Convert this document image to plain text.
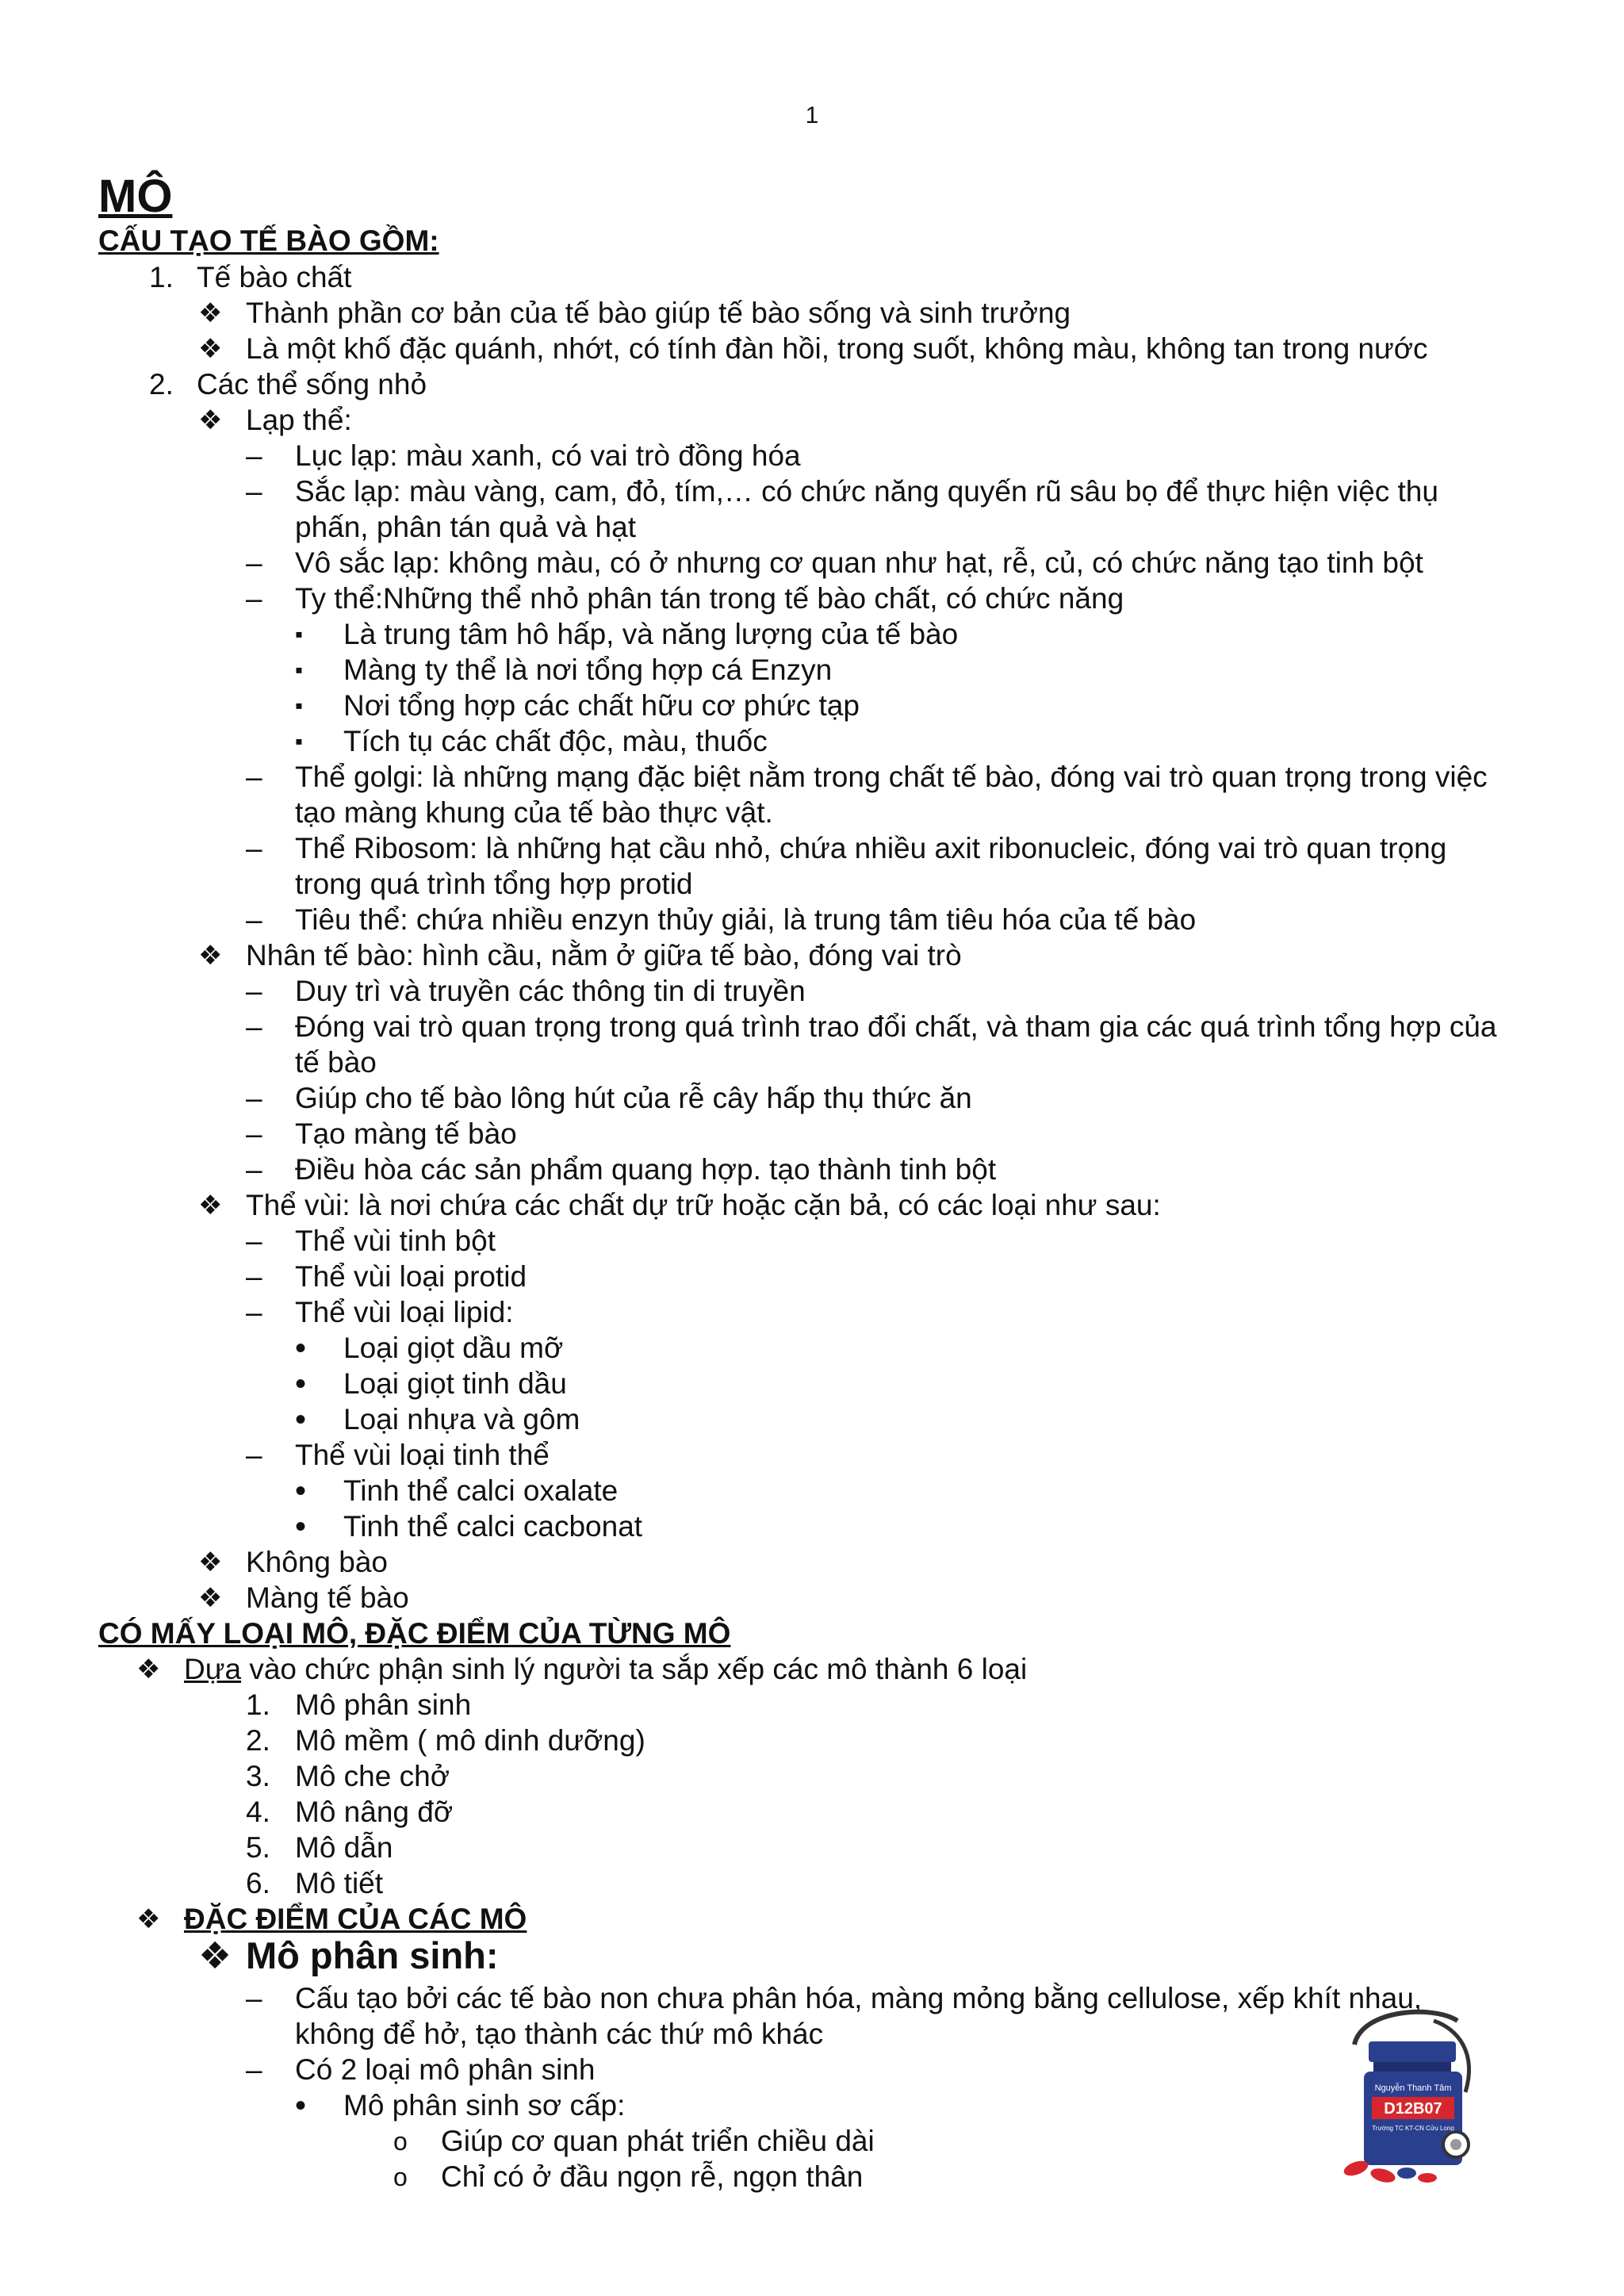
1
MÔ
CẤU TẠO TẾ BÀO GỒM:
1. Tế bào chất
❖ Thành phần cơ bản của tế bào giúp tế bào sống và sinh trưởng
❖ Là một khố đặc quánh, nhớt, có tính đàn hồi, trong suốt, không màu, không tan trong nước
2. Các thể sống nhỏ
❖ Lạp thể:
– Lục lạp: màu xanh, có vai trò đồng hóa
– Sắc lạp: màu vàng, cam, đỏ, tím,… có chức năng quyến rũ sâu bọ để thực hiện việc thụ
phấn, phân tán quả và hạt
– Vô sắc lạp: không màu, có ở nhưng cơ quan như hạt, rễ, củ, có chức năng tạo tinh bột
– Ty thể:Những thể nhỏ phân tán trong tế bào chất, có chức năng
▪ Là trung tâm hô hấp, và năng lượng của tế bào
▪ Màng ty thể là nơi tổng hợp cá Enzyn
▪ Nơi tổng hợp các chất hữu cơ phức tạp
▪ Tích tụ các chất độc, màu, thuốc
– Thể golgi: là những mạng đặc biệt nằm trong chất tế bào, đóng vai trò quan trọng trong việc
tạo màng khung của tế bào thực vật.
– Thể Ribosom: là những hạt cầu nhỏ, chứa nhiều axit ribonucleic, đóng vai trò quan trọng
trong quá trình tổng hợp protid
– Tiêu thể: chứa nhiều enzyn thủy giải, là trung tâm tiêu hóa của tế bào
❖ Nhân tế bào: hình cầu, nằm ở giữa tế bào, đóng vai trò
– Duy trì và truyền các thông tin di truyền
– Đóng vai trò quan trọng trong quá trình trao đổi chất, và tham gia các quá trình tổng hợp của
tế bào
– Giúp cho tế bào lông hút của rễ cây hấp thụ thức ăn
– Tạo màng tế bào
– Điều hòa các sản phẩm quang hợp. tạo thành tinh bột
❖ Thể vùi: là nơi chứa các chất dự trữ hoặc cặn bả, có các loại như sau:
– Thể vùi tinh bột
– Thể vùi loại protid
– Thể vùi loại lipid:
• Loại giọt dầu mỡ
• Loại giọt tinh dầu
• Loại nhựa và gôm
– Thể vùi loại tinh thể
• Tinh thể calci oxalate
• Tinh thể calci cacbonat
❖ Không bào
❖ Màng tế bào
CÓ MẤY LOẠI MÔ, ĐẶC ĐIỂM CỦA TỪNG MÔ
❖ Dựa vào chức phận sinh lý người ta sắp xếp các mô thành 6 loại
1. Mô phân sinh
2. Mô mềm ( mô dinh dưỡng)
3. Mô che chở
4. Mô nâng đỡ
5. Mô dẫn
6. Mô tiết
❖ ĐẶC ĐIỂM CỦA CÁC MÔ
❖ Mô phân sinh:
– Cấu tạo bởi các tế bào non chưa phân hóa, màng mỏng bằng cellulose, xếp khít nhau,
không để hở, tạo thành các thứ mô khác
– Có 2 loại mô phân sinh
• Mô phân sinh sơ cấp:
o Giúp cơ quan phát triển chiều dài
o Chỉ có ở đầu ngọn rễ, ngọn thân
Nguyễn Thanh Tâm
D12B07
Trường TC KT-CN Cửu Long
